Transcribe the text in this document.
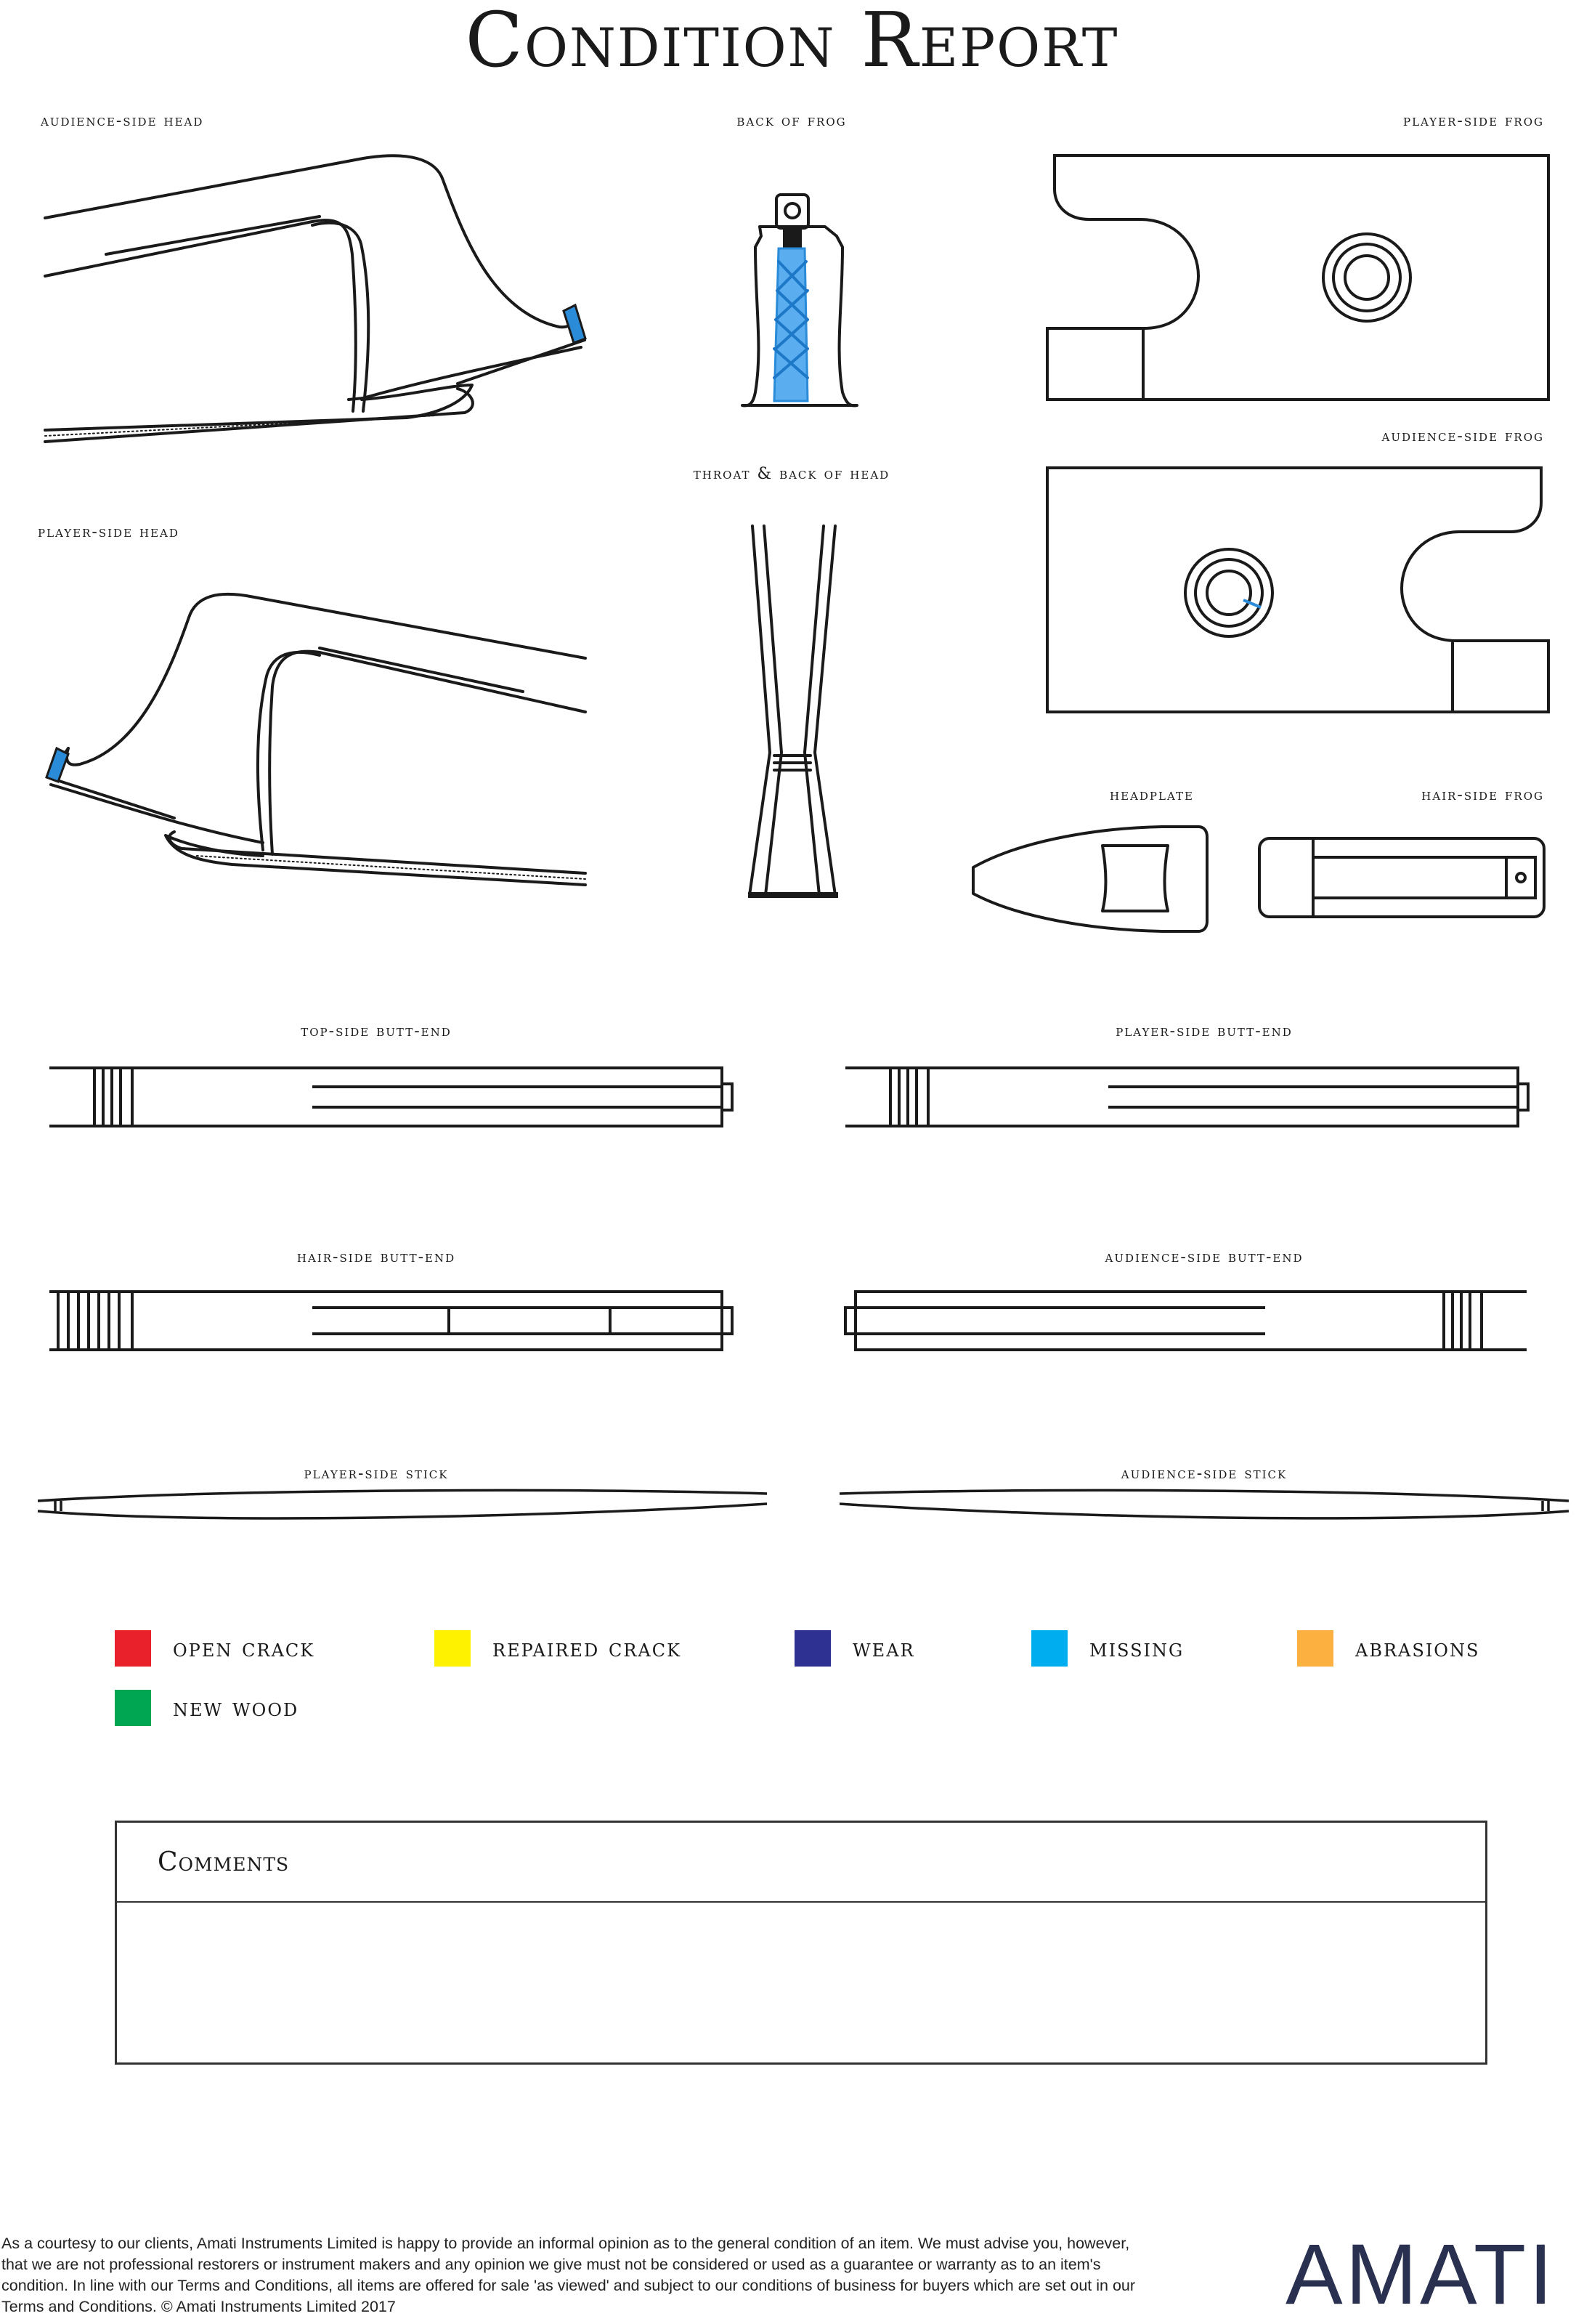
Condition Report
audience-side head	back of frog	player-side frog
player-side head
throat & back of head
audience-side frog
headplate	hair-side frog
top-side butt-end	player-side butt-end
hair-side butt-end	audience-side butt-end
player-side stick	audience-side stick
open crack	repaired crack	wear	missing	abrasions
new wood
Comments
As a courtesy to our clients, Amati Instruments Limited is happy to provide an informal opinion as to the general condition of an item. We must advise you, however, that we are not professional restorers or instrument makers and any opinion we give must not be considered or used as a guarantee or warranty as to an item's condition. In line with our Terms and Conditions, all items are offered for sale 'as viewed' and subject to our conditions of business for buyers which are set out in our Terms and Conditions. © Amati Instruments Limited 2017	AMATI
